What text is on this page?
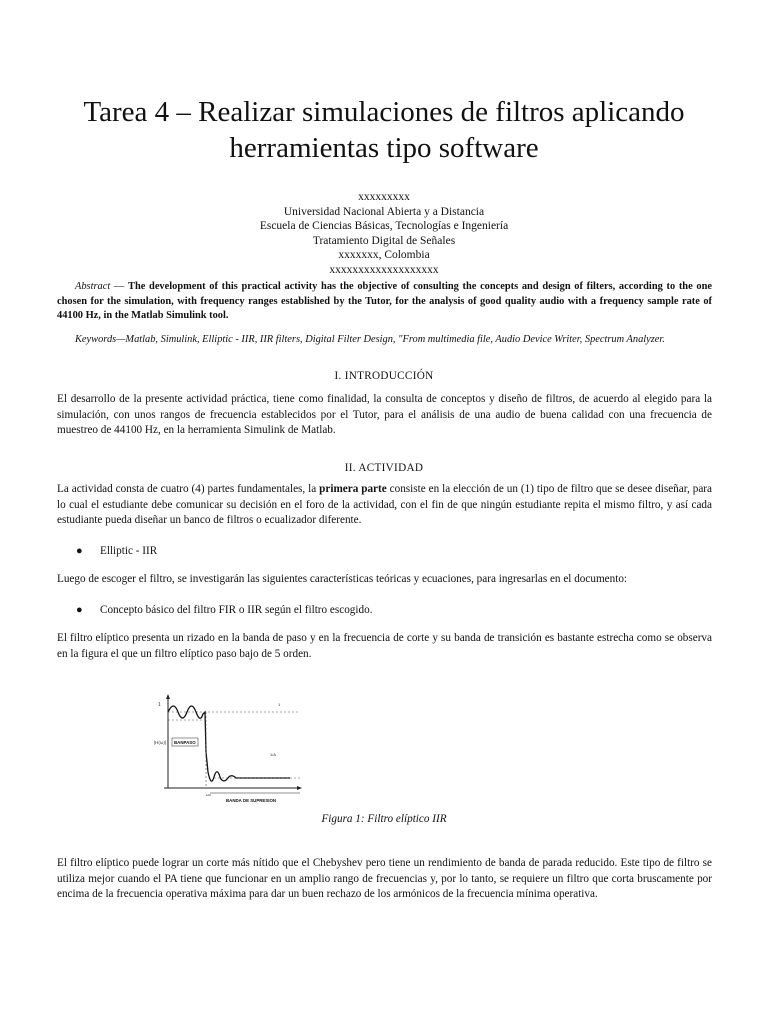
Tarea 4 – Realizar simulaciones de filtros aplicando
herramientas tipo software
xxxxxxxxx
Universidad Nacional Abierta y a Distancia
Escuela de Ciencias Básicas, Tecnologías e Ingeniería
Tratamiento Digital de Señales
xxxxxxx, Colombia
xxxxxxxxxxxxxxxxxxx
Abstract — The development of this practical activity has the objective of consulting the concepts and design of filters, according to the one chosen for the simulation, with frequency ranges established by the Tutor, for the analysis of good quality audio with a frequency sample rate of 44100 Hz, in the Matlab Simulink tool.
Keywords—Matlab, Simulink, Elliptic - IIR, IIR filters, Digital Filter Design, "From multimedia file, Audio Device Writer, Spectrum Analyzer.
I. INTRODUCCIÓN
El desarrollo de la presente actividad práctica, tiene como finalidad, la consulta de conceptos y diseño de filtros, de acuerdo al elegido para la simulación, con unos rangos de frecuencia establecidos por el Tutor, para el análisis de una audio de buena calidad con una frecuencia de muestreo de 44100 Hz, en la herramienta Simulink de Matlab.
II. ACTIVIDAD
La actividad consta de cuatro (4) partes fundamentales, la primera parte consiste en la elección de un (1) tipo de filtro que se desee diseñar, para lo cual el estudiante debe comunicar su decisión en el foro de la actividad, con el fin de que ningún estudiante repita el mismo filtro, y así cada estudiante pueda diseñar un banco de filtros o ecualizador diferente.
● Elliptic - IIR
Luego de escoger el filtro, se investigarán las siguientes características teóricas y ecuaciones, para ingresarlas en el documento:
● Concepto básico del filtro FIR o IIR según el filtro escogido.
El filtro elíptico presenta un rizado en la banda de paso y en la frecuencia de corte y su banda de transición es bastante estrecha como se observa en la figura el que un filtro elíptico paso bajo de 5 orden.
1
|H(ω)|
ωc
1
1/A
BANPASO
BANDA DE SUPRESION
Figura 1: Filtro elíptico IIR
El filtro elíptico puede lograr un corte más nítido que el Chebyshev pero tiene un rendimiento de banda de parada reducido. Este tipo de filtro se utiliza mejor cuando el PA tiene que funcionar en un amplio rango de frecuencias y, por lo tanto, se requiere un filtro que corta bruscamente por encima de la frecuencia operativa máxima para dar un buen rechazo de los armónicos de la frecuencia mínima operativa.
